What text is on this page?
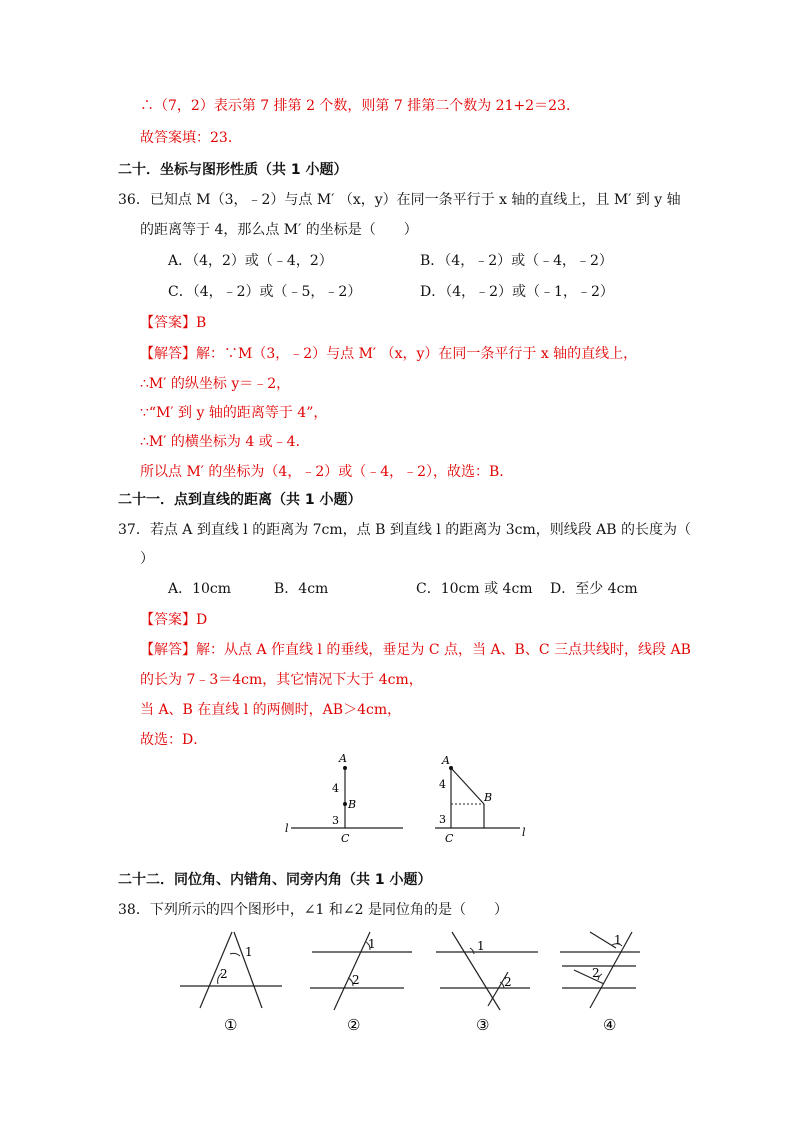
∴（7，2）表示第 7 排第 2 个数，则第 7 排第二个数为 21+2＝23．
故答案填：23．
二十．坐标与图形性质（共 1 小题）
36．已知点 M（3，﹣2）与点 M′ （x，y）在同一条平行于 x 轴的直线上，且 M′ 到 y 轴
的距离等于 4，那么点 M′ 的坐标是（　　）
A．（4，2）或（﹣4，2）	B．（4，﹣2）或（﹣4，﹣2）
C．（4，﹣2）或（﹣5，﹣2）	D．（4，﹣2）或（﹣1，﹣2）
【答案】B
【解答】解：∵M（3，﹣2）与点 M′ （x，y）在同一条平行于 x 轴的直线上，
∴M′ 的纵坐标 y＝﹣2，
∵“M′ 到 y 轴的距离等于 4”，
∴M′ 的横坐标为 4 或﹣4．
所以点 M′ 的坐标为（4，﹣2）或（﹣4，﹣2），故选：B．
二十一．点到直线的距离（共 1 小题）
37．若点 A 到直线 l 的距离为 7cm，点 B 到直线 l 的距离为 3cm，则线段 AB 的长度为（
）
A．10cm	B．4cm	C．10cm 或 4cm D．至少 4cm
【答案】D
【解答】解：从点 A 作直线 l 的垂线，垂足为 C 点，当 A、B、C 三点共线时，线段 AB
的长为 7﹣3＝4cm，其它情况下大于 4cm，
当 A、B 在直线 l 的两侧时，AB＞4cm，
故选：D．
A
B
C
l
4
3
A
B
C	l
4
3
二十二．同位角、内错角、同旁内角（共 1 小题）
38．下列所示的四个图形中，∠1 和∠2 是同位角的是（　　）
1
2
①
1
2
②
1
2
③
1
2
④
